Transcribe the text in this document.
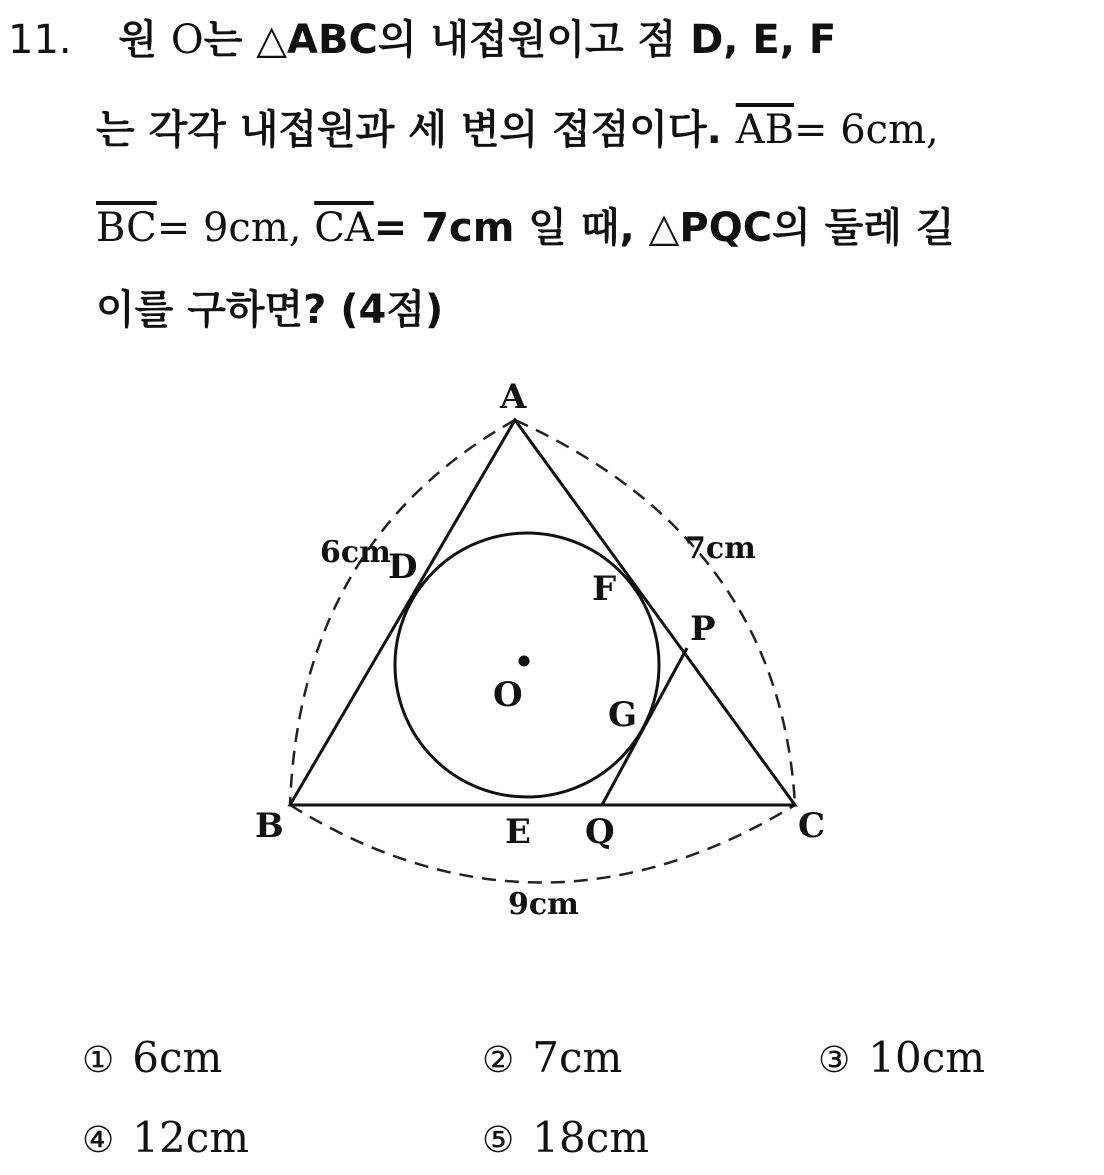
11. 원 O는 △ABC의 내접원이고 점 D, E, F
는 각각 내접원과 세 변의 접점이다. $\overline{AB}= 6cm$,
$\overline{BC}= 9cm$, $\overline{CA}= 7cm$ 일 때, △PQC의 둘레 길
이를 구하면? (4점)
A
B	C
D
E
F
G
P
Q
O
6cm	7cm
9cm
① 6cm	② 7cm	③ 10cm
④ 12cm	⑤ 18cm
